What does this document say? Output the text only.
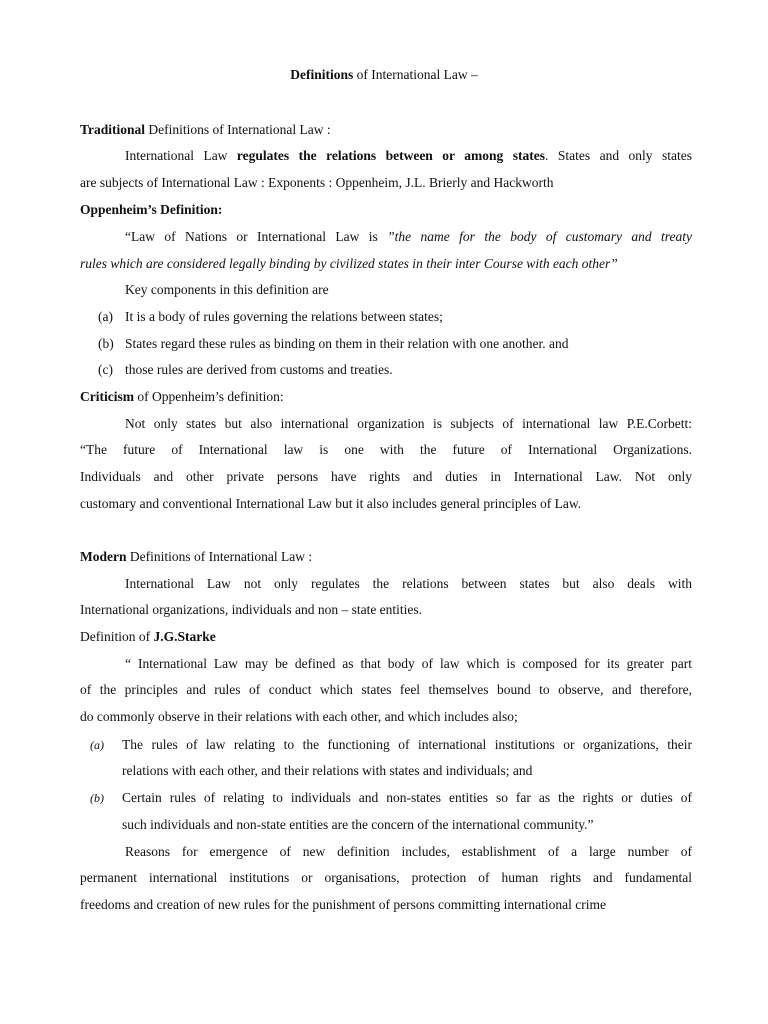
Definitions of International Law –
Traditional Definitions of International Law :
International Law regulates the relations between or among states. States and only states
are subjects of International Law : Exponents : Oppenheim, J.L. Brierly and Hackworth
Oppenheim’s Definition:
“Law of Nations or International Law is ”the name for the body of customary and treaty
rules which are considered legally binding by civilized states in their inter Course with each other”
Key components in this definition are
(a) It is a body of rules governing the relations between states;
(b) States regard these rules as binding on them in their relation with one another. and
(c) those rules are derived from customs and treaties.
Criticism of Oppenheim’s definition:
Not only states but also international organization is subjects of international law P.E.Corbett:
“The future of International law is one with the future of International Organizations.
Individuals and other private persons have rights and duties in International Law. Not only
customary and conventional International Law but it also includes general principles of Law.
Modern Definitions of International Law :
International Law not only regulates the relations between states but also deals with
International organizations, individuals and non – state entities.
Definition of J.G.Starke
“ International Law may be defined as that body of law which is composed for its greater part
of the principles and rules of conduct which states feel themselves bound to observe, and therefore,
do commonly observe in their relations with each other, and which includes also;
(a) The rules of law relating to the functioning of international institutions or organizations, their
relations with each other, and their relations with states and individuals; and
(b) Certain rules of relating to individuals and non-states entities so far as the rights or duties of
such individuals and non-state entities are the concern of the international community.”
Reasons for emergence of new definition includes, establishment of a large number of
permanent international institutions or organisations, protection of human rights and fundamental
freedoms and creation of new rules for the punishment of persons committing international crime
